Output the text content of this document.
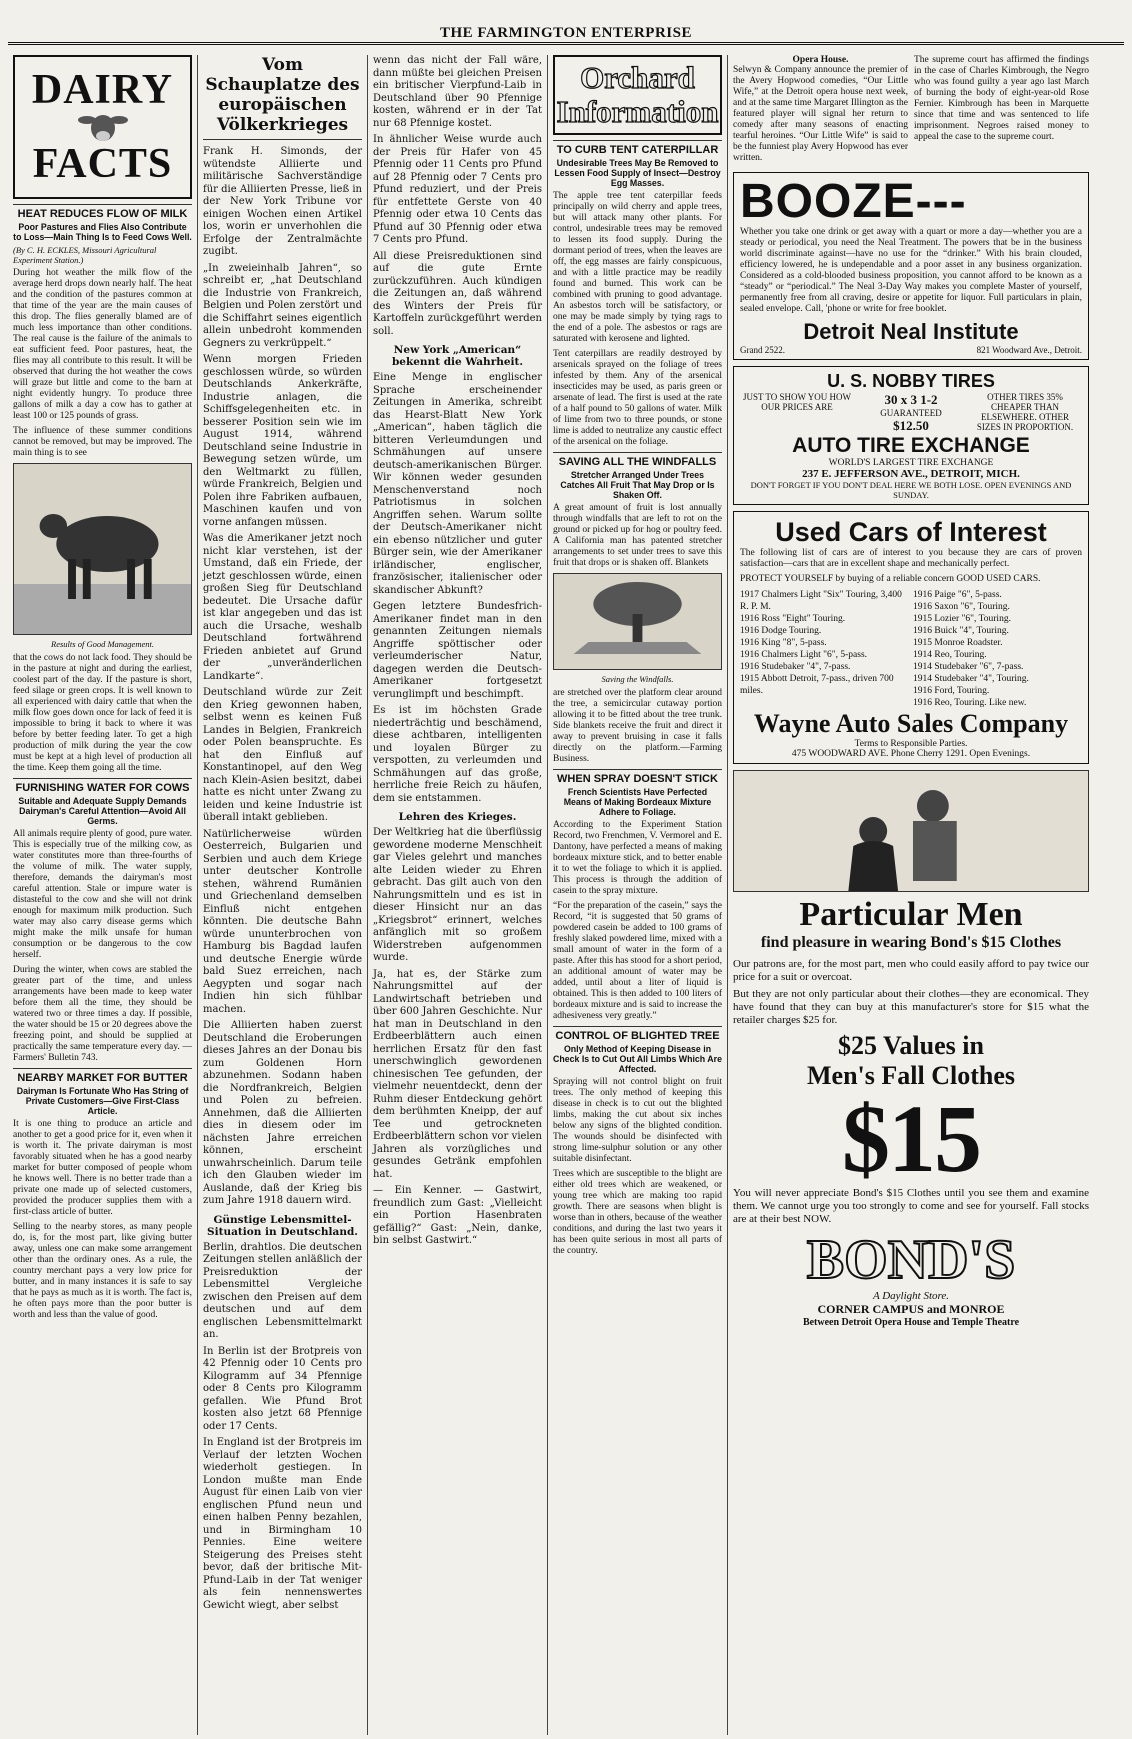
THE FARMINGTON ENTERPRISE
DAIRY
FACTS
HEAT REDUCES FLOW OF MILK
Poor Pastures and Flies Also Contribute to Loss—Main Thing Is to Feed Cows Well.
(By C. H. ECKLES, Missouri Agricultural Experiment Station.)

During hot weather the milk flow of the average herd drops down nearly half. The heat and the condition of the pastures common at that time of the year are the main causes of this drop. The flies generally blamed are of much less importance than other conditions. The real cause is the failure of the animals to eat sufficient feed. Poor pastures, heat, the flies may all contribute to this result. It will be observed that during the hot weather the cows will graze but little and come to the barn at night evidently hungry. To produce three gallons of milk a day a cow has to gather at least 100 or 125 pounds of grass.

The influence of these summer conditions cannot be removed, but may be improved. The main thing is to see

Results of Good Management.

that the cows do not lack food. They should be in the pasture at night and during the earliest, coolest part of the day. If the pasture is short, feed silage or green crops. It is well known to all experienced with dairy cattle that when the milk flow goes down once for lack of feed it is impossible to bring it back to where it was before by better feeding later. To get a high production of milk during the year the cow must be kept at a high level of production all the time. Keep them going all the time.

FURNISHING WATER FOR COWS
Suitable and Adequate Supply Demands Dairyman's Careful Attention—Avoid All Germs.

All animals require plenty of good, pure water. This is especially true of the milking cow, as water constitutes more than three-fourths of the volume of milk. The water supply, therefore, demands the dairyman's most careful attention. Stale or impure water is distasteful to the cow and she will not drink enough for maximum milk production. Such water may also carry disease germs which might make the milk unsafe for human consumption or be dangerous to the cow herself.

During the winter, when cows are stabled the greater part of the time, and unless arrangements have been made to keep water before them all the time, they should be watered two or three times a day. If possible, the water should be 15 or 20 degrees above the freezing point, and should be supplied at practically the same temperature every day. —Farmers' Bulletin 743.

NEARBY MARKET FOR BUTTER
Dairyman Is Fortunate Who Has String of Private Customers—Give First-Class Article.

It is one thing to produce an article and another to get a good price for it, even when it is worth it. The private dairyman is most favorably situated when he has a good nearby market for butter composed of people whom he knows well. There is no better trade than a private one made up of selected customers, provided the producer supplies them with a first-class article of butter.

Selling to the nearby stores, as many people do, is, for the most part, like giving butter away, unless one can make some arrangement other than the ordinary ones. As a rule, the country merchant pays a very low price for butter, and in many instances it is safe to say that he pays as much as it is worth. The fact is, he often pays more than the poor butter is worth and less than the value of good.

Vom Schauplatze des europäischen Völkerkrieges

Frank H. Simonds, der wütendste Alliierte und militärische Sachverständige für die Alliierten Presse, ließ in der New York Tribune vor einigen Wochen einen Artikel los, worin er unverhohlen die Erfolge der Zentralmächte zugibt.

„In zweieinhalb Jahren“, so schreibt er, „hat Deutschland die Industrie von Frankreich, Belgien und Polen zerstört und die Schiffahrt seines eigentlich allein unbedroht kommenden Gegners zu verkrüppelt.“

Wenn morgen Frieden geschlossen würde, so würden Deutschlands Ankerkräfte, Industrie anlagen, die Schiffsgelegenheiten etc. in besserer Position sein wie im August 1914, während Deutschland seine Industrie in Bewegung setzen würde, um den Weltmarkt zu füllen, würde Frankreich, Belgien und Polen ihre Fabriken aufbauen, Maschinen kaufen und von vorne anfangen müssen.

Was die Amerikaner jetzt noch nicht klar verstehen, ist der Umstand, daß ein Friede, der jetzt geschlossen würde, einen großen Sieg für Deutschland bedeutet. Die Ursache dafür ist klar angegeben und das ist auch die Ursache, weshalb Deutschland fortwährend Frieden anbietet auf Grund der „unveränderlichen Landkarte“.

Deutschland würde zur Zeit den Krieg gewonnen haben, selbst wenn es keinen Fuß Landes in Belgien, Frankreich oder Polen beanspruchte. Es hat den Einfluß auf Konstantinopel, auf den Weg nach Klein-Asien besitzt, dabei hatte es nicht unter Zwang zu leiden und keine Industrie ist überall intakt geblieben.

Natürlicherweise würden Oesterreich, Bulgarien und Serbien und auch dem Kriege unter deutscher Kontrolle stehen, während Rumänien und Griechenland demselben Einfluß nicht entgehen könnten. Die deutsche Bahn würde ununterbrochen von Hamburg bis Bagdad laufen und deutsche Energie würde bald Suez erreichen, nach Aegypten und sogar nach Indien hin sich fühlbar machen.

Die Alliierten haben zuerst Deutschland die Eroberungen dieses Jahres an der Donau bis zum Goldenen Horn abzunehmen. Sodann haben die Nordfrankreich, Belgien und Polen zu befreien. Annehmen, daß die Alliierten dies in diesem oder im nächsten Jahre erreichen können, erscheint unwahrscheinlich. Darum teile ich den Glauben wieder im Auslande, daß der Krieg bis zum Jahre 1918 dauern wird.

Günstige Lebensmittel-Situation in Deutschland.

Berlin, drahtlos. Die deutschen Zeitungen stellen anläßlich der Preisreduktion der Lebensmittel Vergleiche zwischen den Preisen auf dem deutschen und auf dem englischen Lebensmittelmarkt an.

In Berlin ist der Brotpreis von 42 Pfennig oder 10 Cents pro Kilogramm auf 34 Pfennige oder 8 Cents pro Kilogramm gefallen. Wie Pfund Brot kosten also jetzt 68 Pfennige oder 17 Cents.

In England ist der Brotpreis im Verlauf der letzten Wochen wiederholt gestiegen. In London mußte man Ende August für einen Laib von vier englischen Pfund neun und einen halben Penny bezahlen, und in Birmingham 10 Pennies. Eine weitere Steigerung des Preises steht bevor, daß der britische Mit-Pfund-Laib in der Tat weniger als fein nennenswertes Gewicht wiegt, aber selbst

wenn das nicht der Fall wäre, dann müßte bei gleichen Preisen ein britischer Vierpfund-Laib in Deutschland über 90 Pfennige kosten, während er in der Tat nur 68 Pfennige kostet.

In ähnlicher Weise wurde auch der Preis für Hafer von 45 Pfennig oder 11 Cents pro Pfund auf 28 Pfennig oder 7 Cents pro Pfund reduziert, und der Preis für entfettete Gerste von 40 Pfennig oder etwa 10 Cents das Pfund auf 30 Pfennig oder etwa 7 Cents pro Pfund.

All diese Preisreduktionen sind auf die gute Ernte zurückzuführen. Auch kündigen die Zeitungen an, daß während des Winters der Preis für Kartoffeln zurückgeführt werden soll.

New York „American“ bekennt die Wahrheit.

Eine Menge in englischer Sprache erscheinender Zeitungen in Amerika, schreibt das Hearst-Blatt New York „American“, haben täglich die bitteren Verleumdungen und Schmähungen auf unsere deutsch-amerikanischen Bürger. Wir können weder gesunden Menschenverstand noch Patriotismus in solchen Angriffen sehen. Warum sollte der Deutsch-Amerikaner nicht ein ebenso nützlicher und guter Bürger sein, wie der Amerikaner irländischer, englischer, französischer, italienischer oder skandischer Abkunft?

Gegen letztere Bundesfrich-Amerikaner findet man in den genannten Zeitungen niemals Angriffe spöttischer oder verleumderischer Natur, dagegen werden die Deutsch-Amerikaner fortgesetzt verunglimpft und beschimpft.

Es ist im höchsten Grade niederträchtig und beschämend, diese achtbaren, intelligenten und loyalen Bürger zu verspotten, zu verleumden und Schmähungen auf das große, herrliche freie Reich zu häufen, dem sie entstammen.

Lehren des Krieges.

Der Weltkrieg hat die überflüssig gewordene moderne Menschheit gar Vieles gelehrt und manches alte Leiden wieder zu Ehren gebracht. Das gilt auch von den Nahrungsmitteln und es ist in dieser Hinsicht nur an das „Kriegsbrot“ erinnert, welches anfänglich mit so großem Widerstreben aufgenommen wurde.

Ja, hat es, der Stärke zum Nahrungsmittel auf der Landwirtschaft betrieben und über 600 Jahren Geschichte. Nur hat man in Deutschland in den Erdbeerblättern auch einen herrlichen Ersatz für den fast unerschwinglich gewordenen chinesischen Tee gefunden, der vielmehr neuentdeckt, denn der Ruhm dieser Entdeckung gehört dem berühmten Kneipp, der auf Tee und getrockneten Erdbeerblättern schon vor vielen Jahren als vorzügliches und gesundes Getränk empfohlen hat.

— Ein Kenner. — Gastwirt, freundlich zum Gast: „Vielleicht ein Portion Hasenbraten gefällig?“ Gast: „Nein, danke, bin selbst Gastwirt.“

Orchard
Information
TO CURB TENT CATERPILLAR
Undesirable Trees May Be Removed to Lessen Food Supply of Insect—Destroy Egg Masses.

The apple tree tent caterpillar feeds principally on wild cherry and apple trees, but will attack many other plants. For control, undesirable trees may be removed to lessen its food supply. During the dormant period of trees, when the leaves are off, the egg masses are fairly conspicuous, and with a little practice may be readily found and burned. This work can be combined with pruning to good advantage. An asbestos torch will be satisfactory, or one may be made simply by tying rags to the end of a pole. The asbestos or rags are saturated with kerosene and lighted.

Tent caterpillars are readily destroyed by arsenicals sprayed on the foliage of trees infested by them. Any of the arsenical insecticides may be used, as paris green or arsenate of lead. The first is used at the rate of a half pound to 50 gallons of water. Milk of lime from two to three pounds, or stone lime is added to neutralize any caustic effect of the arsenical on the foliage.

SAVING ALL THE WINDFALLS
Stretcher Arranged Under Trees Catches All Fruit That May Drop or Is Shaken Off.

A great amount of fruit is lost annually through windfalls that are left to rot on the ground or picked up for hog or poultry feed. A California man has patented stretcher arrangements to set under trees to save this fruit that drops or is shaken off. Blankets

Saving the Windfalls.

are stretched over the platform clear around the tree, a semicircular cutaway portion allowing it to be fitted about the tree trunk. Side blankets receive the fruit and direct it away to prevent bruising in case it falls directly on the platform.—Farming Business.

WHEN SPRAY DOESN'T STICK
French Scientists Have Perfected Means of Making Bordeaux Mixture Adhere to Foliage.

According to the Experiment Station Record, two Frenchmen, V. Vermorel and E. Dantony, have perfected a means of making bordeaux mixture stick, and to better enable it to wet the foliage to which it is applied. This process is through the addition of casein to the spray mixture.

“For the preparation of the casein,” says the Record, “it is suggested that 50 grams of powdered casein be added to 100 grams of freshly slaked powdered lime, mixed with a small amount of water in the form of a paste. After this has stood for a short period, an additional amount of water may be added, until about a liter of liquid is obtained. This is then added to 100 liters of bordeaux mixture and is said to increase the adhesiveness very greatly.”

CONTROL OF BLIGHTED TREE
Only Method of Keeping Disease in Check Is to Cut Out All Limbs Which Are Affected.

Spraying will not control blight on fruit trees. The only method of keeping this disease in check is to cut out the blighted limbs, making the cut about six inches below any signs of the blighted condition. The wounds should be disinfected with strong lime-sulphur solution or any other suitable disinfectant.

Trees which are susceptible to the blight are either old trees which are weakened, or young tree which are making too rapid growth. There are seasons when blight is worse than in others, because of the weather conditions, and during the last two years it has been quite serious in most all parts of the country.

Opera House.

Selwyn & Company announce the premier of the Avery Hopwood comedies, “Our Little Wife,” at the Detroit opera house next week, and at the same time Margaret Illington as the featured player will signal her return to comedy after many seasons of enacting tearful heroines. “Our Little Wife” is said to be the funniest play Avery Hopwood has ever written.

The supreme court has affirmed the findings in the case of Charles Kimbrough, the Negro who was found guilty a year ago last March of burning the body of eight-year-old Rose Fernier. Kimbrough has been in Marquette since that time and was sentenced to life imprisonment. Negroes raised money to appeal the case to the supreme court.

BOOZE---

Whether you take one drink or get away with a quart or more a day—whether you are a steady or periodical, you need the Neal Treatment. The powers that be in the business world discriminate against—have no use for the “drinker.” With his brain clouded, efficiency lowered, he is undependable and a poor asset in any business organization. Considered as a cold-blooded business proposition, you cannot afford to be known as a “steady” or “periodical.” The Neal 3-Day Way makes you complete Master of yourself, permanently free from all craving, desire or appetite for liquor. Full particulars in plain, sealed envelope. Call, 'phone or write for free booklet.

Detroit Neal Institute
Grand 2522.	821 Woodward Ave., Detroit.
U. S. NOBBY TIRES
JUST TO SHOW YOU HOW OUR PRICES ARE	30 x 3 1-2
GUARANTEED
$12.50
OTHER TIRES 35% CHEAPER THAN ELSEWHERE. OTHER SIZES IN PROPORTION.
AUTO TIRE EXCHANGE
WORLD'S LARGEST TIRE EXCHANGE
237 E. JEFFERSON AVE., DETROIT, MICH.
DON'T FORGET IF YOU DON'T DEAL HERE WE BOTH LOSE. OPEN EVENINGS AND SUNDAY.
Used Cars of Interest

The following list of cars are of interest to you because they are cars of proven satisfaction—cars that are in excellent shape and mechanically perfect.

PROTECT YOURSELF by buying of a reliable concern GOOD USED CARS.

1917 Chalmers Light "Six" Touring, 3,400 R. P. M.
1916 Ross "Eight" Touring.
1916 Dodge Touring.
1916 King "8", 5-pass.
1916 Chalmers Light "6", 5-pass.
1916 Studebaker "4", 7-pass.
1915 Abbott Detroit, 7-pass., driven 700 miles.
1916 Paige "6", 5-pass.
1916 Saxon "6", Touring.
1915 Lozier "6", Touring.
1916 Buick "4", Touring.
1915 Monroe Roadster.
1914 Reo, Touring.
1914 Studebaker "6", 7-pass.
1914 Studebaker "4", Touring.
1916 Ford, Touring.
1916 Reo, Touring. Like new.
Wayne Auto Sales Company
Terms to Responsible Parties.
475 WOODWARD AVE. Phone Cherry 1291. Open Evenings.
Particular Men
find pleasure in wearing Bond's $15 Clothes

Our patrons are, for the most part, men who could easily afford to pay twice our price for a suit or overcoat.

But they are not only particular about their clothes—they are economical. They have found that they can buy at this manufacturer's store for $15 what the retailer charges $25 for.

$25 Values in
Men's Fall Clothes
$15

You will never appreciate Bond's $15 Clothes until you see them and examine them. We cannot urge you too strongly to come and see for yourself. Fall stocks are at their best NOW.

BOND'S
A Daylight Store.
CORNER CAMPUS and MONROE
Between Detroit Opera House and Temple Theatre
